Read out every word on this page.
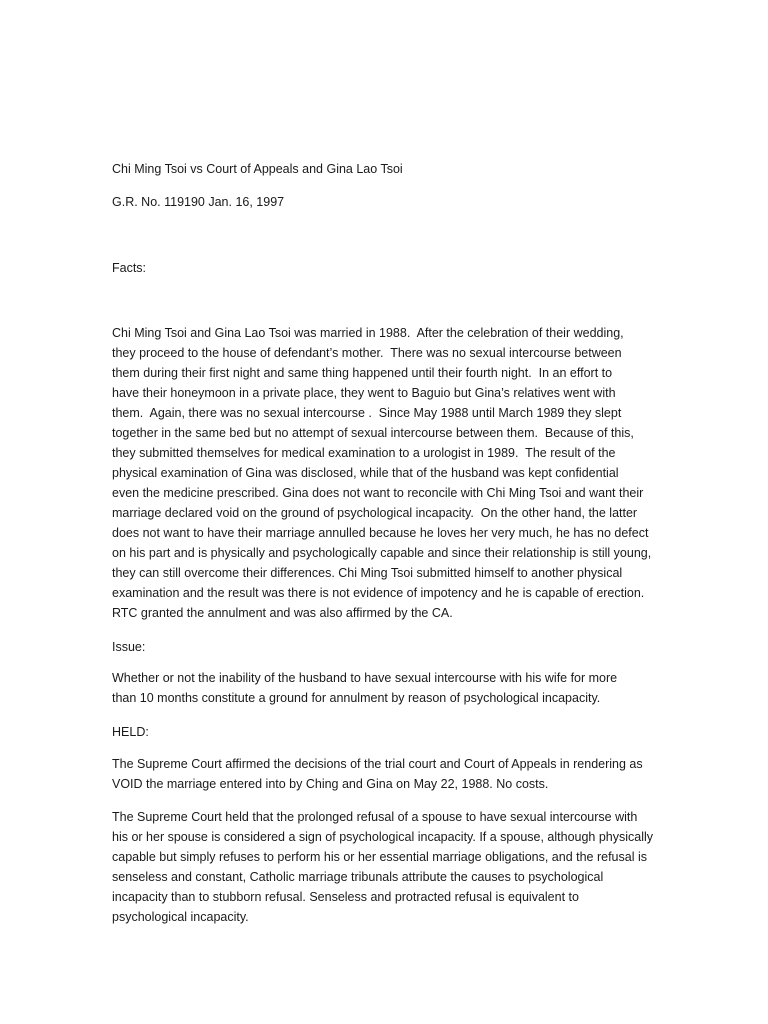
Chi Ming Tsoi vs Court of Appeals and Gina Lao Tsoi

G.R. No. 119190 Jan. 16, 1997

Facts:

Chi Ming Tsoi and Gina Lao Tsoi was married in 1988.  After the celebration of their wedding,

they proceed to the house of defendant’s mother.  There was no sexual intercourse between

them during their first night and same thing happened until their fourth night.  In an effort to

have their honeymoon in a private place, they went to Baguio but Gina’s relatives went with

them.  Again, there was no sexual intercourse .  Since May 1988 until March 1989 they slept

together in the same bed but no attempt of sexual intercourse between them.  Because of this,

they submitted themselves for medical examination to a urologist in 1989.  The result of the

physical examination of Gina was disclosed, while that of the husband was kept confidential

even the medicine prescribed. Gina does not want to reconcile with Chi Ming Tsoi and want their

marriage declared void on the ground of psychological incapacity.  On the other hand, the latter

does not want to have their marriage annulled because he loves her very much, he has no defect

on his part and is physically and psychologically capable and since their relationship is still young,

they can still overcome their differences. Chi Ming Tsoi submitted himself to another physical

examination and the result was there is not evidence of impotency and he is capable of erection.

RTC granted the annulment and was also affirmed by the CA.

Issue:

Whether or not the inability of the husband to have sexual intercourse with his wife for more

than 10 months constitute a ground for annulment by reason of psychological incapacity.

HELD:

The Supreme Court affirmed the decisions of the trial court and Court of Appeals in rendering as

VOID the marriage entered into by Ching and Gina on May 22, 1988. No costs.

The Supreme Court held that the prolonged refusal of a spouse to have sexual intercourse with

his or her spouse is considered a sign of psychological incapacity. If a spouse, although physically

capable but simply refuses to perform his or her essential marriage obligations, and the refusal is

senseless and constant, Catholic marriage tribunals attribute the causes to psychological

incapacity than to stubborn refusal. Senseless and protracted refusal is equivalent to

psychological incapacity.
